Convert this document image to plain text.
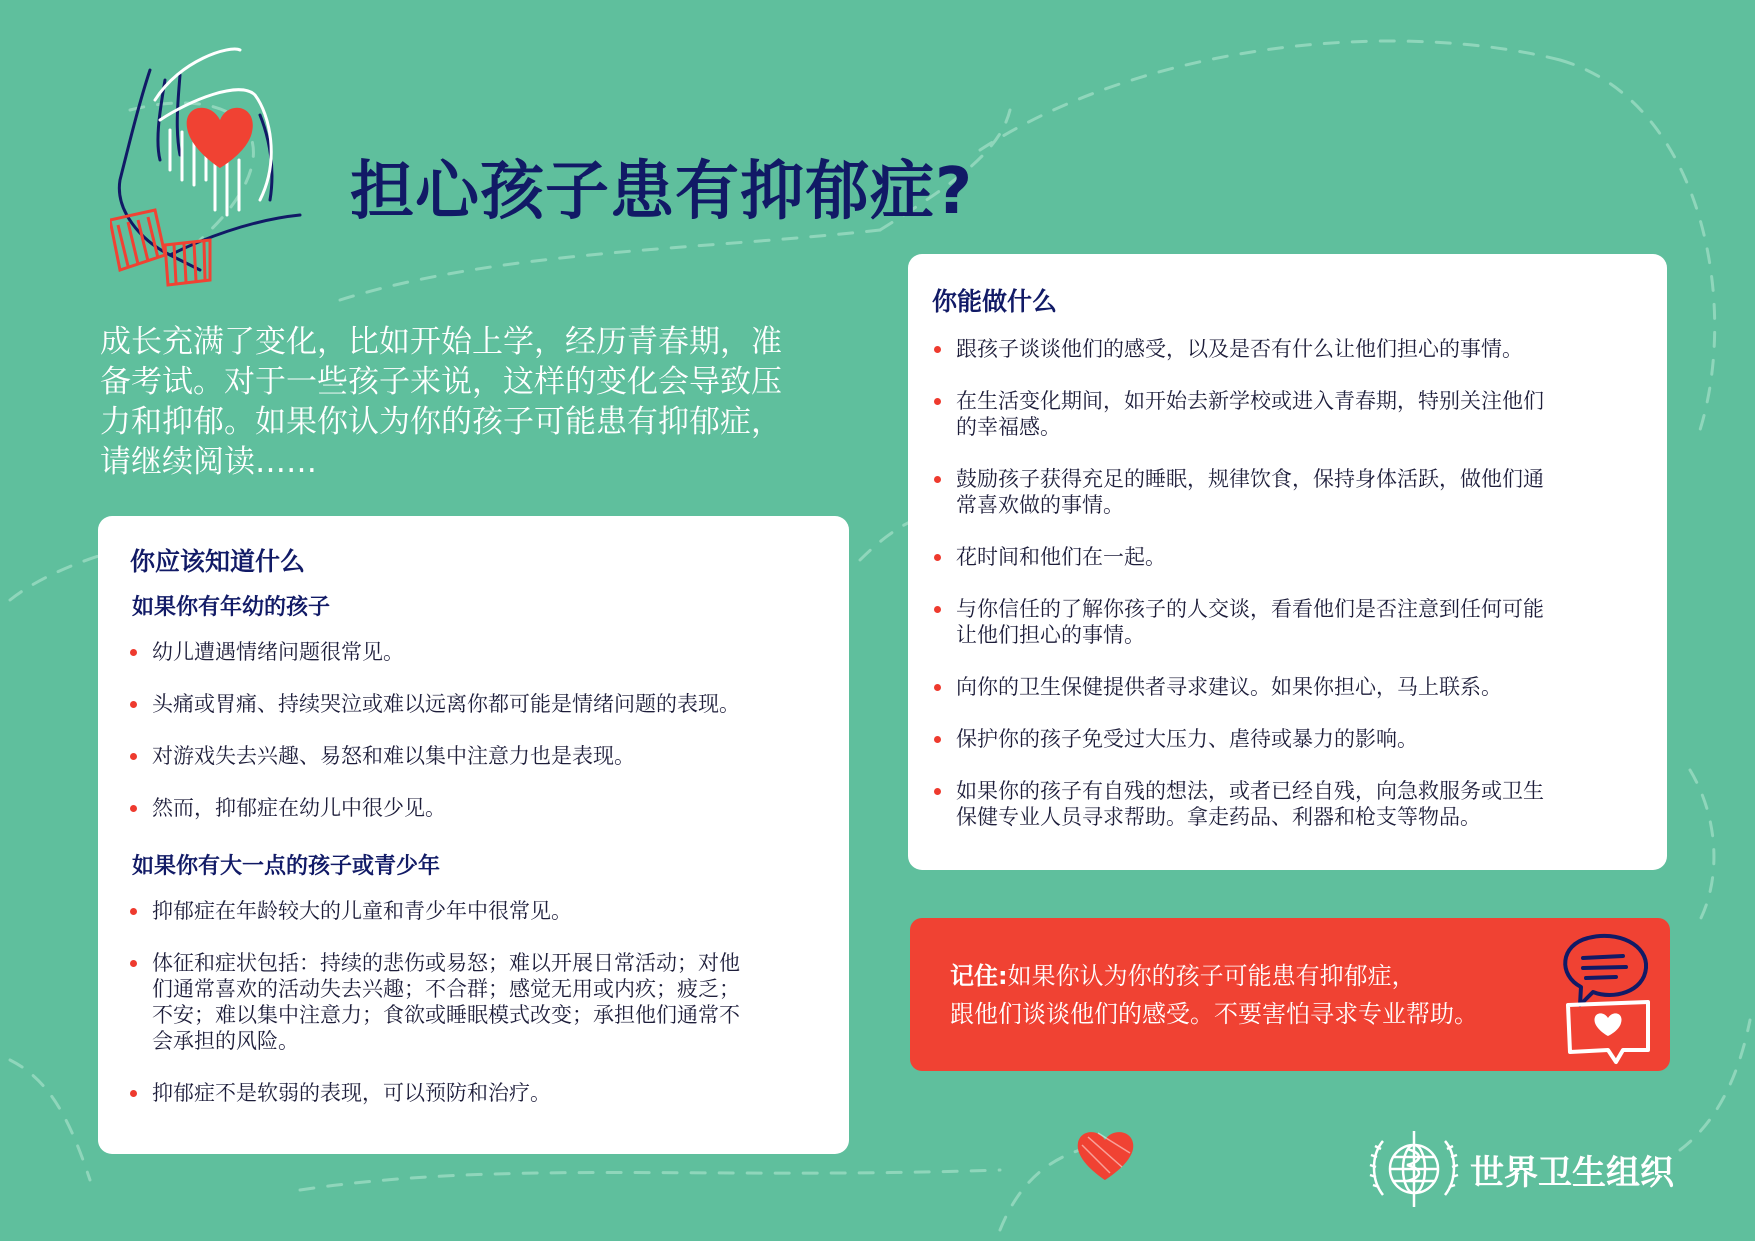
担心孩子患有抑郁症?
成长充满了变化，比如开始上学，经历青春期，准
备考试。对于一些孩子来说，这样的变化会导致压
力和抑郁。如果你认为你的孩子可能患有抑郁症，
请继续阅读……
你应该知道什么
如果你有年幼的孩子
幼儿遭遇情绪问题很常见。
头痛或胃痛、持续哭泣或难以远离你都可能是情绪问题的表现。
对游戏失去兴趣、易怒和难以集中注意力也是表现。
然而，抑郁症在幼儿中很少见。
如果你有大一点的孩子或青少年
抑郁症在年龄较大的儿童和青少年中很常见。
体征和症状包括：持续的悲伤或易怒；难以开展日常活动；对他
们通常喜欢的活动失去兴趣；不合群；感觉无用或内疚；疲乏；
不安；难以集中注意力；食欲或睡眠模式改变；承担他们通常不
会承担的风险。
抑郁症不是软弱的表现，可以预防和治疗。
你能做什么
跟孩子谈谈他们的感受，以及是否有什么让他们担心的事情。
在生活变化期间，如开始去新学校或进入青春期，特别关注他们
的幸福感。
鼓励孩子获得充足的睡眠，规律饮食，保持身体活跃，做他们通
常喜欢做的事情。
花时间和他们在一起。
与你信任的了解你孩子的人交谈，看看他们是否注意到任何可能
让他们担心的事情。
向你的卫生保健提供者寻求建议。如果你担心，马上联系。
保护你的孩子免受过大压力、虐待或暴力的影响。
如果你的孩子有自残的想法，或者已经自残，向急救服务或卫生
保健专业人员寻求帮助。拿走药品、利器和枪支等物品。
记住:如果你认为你的孩子可能患有抑郁症，
跟他们谈谈他们的感受。不要害怕寻求专业帮助。
世界卫生组织
